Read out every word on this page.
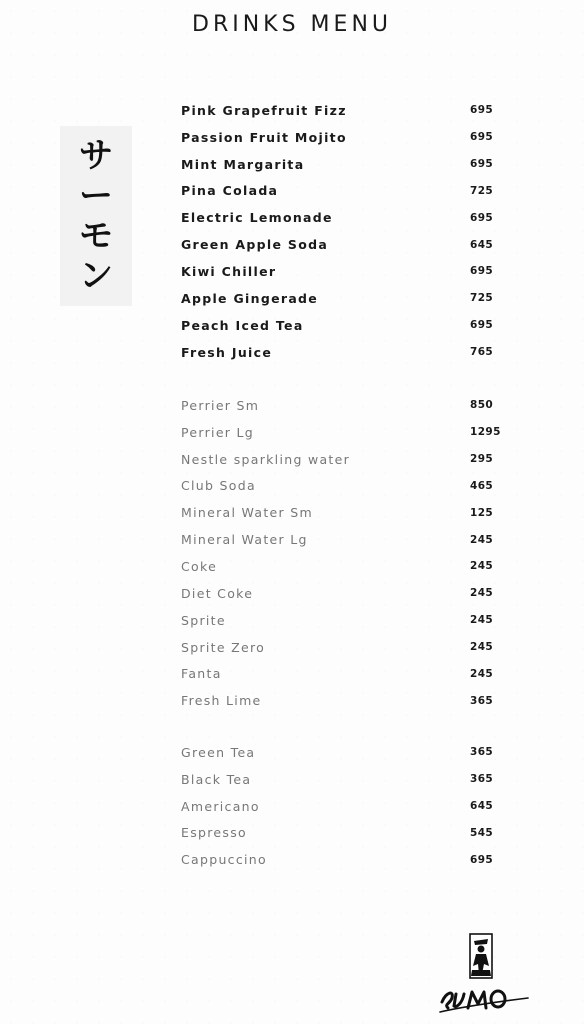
DRINKS MENU
サ
ー
モ
ン
Pink Grapefruit Fizz	695
Passion Fruit Mojito	695
Mint Margarita	695
Pina Colada	725
Electric Lemonade	695
Green Apple Soda	645
Kiwi Chiller	695
Apple Gingerade	725
Peach Iced Tea	695
Fresh Juice	765
Perrier Sm	850
Perrier Lg	1295
Nestle sparkling water	295
Club Soda	465
Mineral Water Sm	125
Mineral Water Lg	245
Coke	245
Diet Coke	245
Sprite	245
Sprite Zero	245
Fanta	245
Fresh Lime	365
Green Tea	365
Black Tea	365
Americano	645
Espresso	545
Cappuccino	695
